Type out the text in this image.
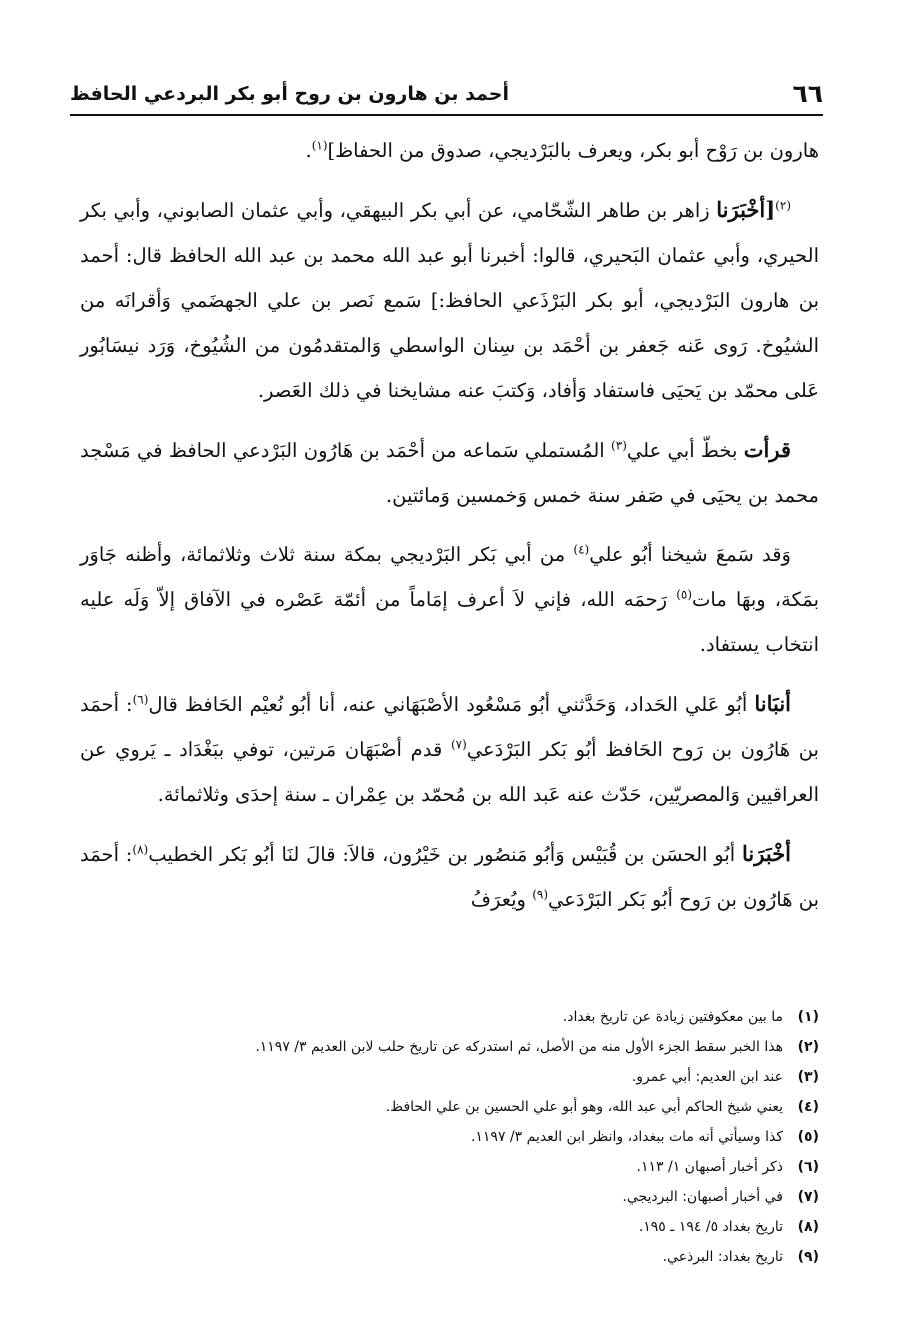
٦٦
أحمد بن هارون بن روح أبو بكر البردعي الحافظ

هارون بن رَوْح أبو بكر، ويعرف بالبَرْديجي، صدوق من الحفاظ]$^{(١)}$.

$^{(٢)}$[أخْبَرَنا زاهر بن طاهر الشّحّامي، عن أبي بكر البيهقي، وأبي عثمان الصابوني، وأبي بكر الحيري، وأبي عثمان البَحيري، قالوا: أخبرنا أبو عبد الله محمد بن عبد الله الحافظ قال: أحمد بن هارون البَرْديجي، أبو بكر البَرْذَعي الحافظ:] سَمع نَصر بن علي الجهضَمي وَأقرانَه من الشيُوخ. رَوى عَنه جَعفر بن أحْمَد بن سِنان الواسطي وَالمتقدمُون من الشُيُوخ، وَرَد نيسَابُور عَلى محمّد بن يَحيَى فاستفاد وَأفاد، وَكتبَ عنه مشايخنا في ذلك العَصر.

قرأت بخطّ أبي علي$^{(٣)}$ المُستملي سَماعه من أحْمَد بن هَارُون البَرْدعي الحافظ في مَسْجد محمد بن يحيَى في صَفر سنة خمس وَخمسين وَمائتين.

وَقد سَمعَ شيخنا أبُو علي$^{(٤)}$ من أبي بَكر البَرْديجي بمكة سنة ثلاث وثلاثمائة، وأظنه جَاوَر بمَكة، وبهَا مات$^{(٥)}$ رَحمَه الله، فإني لاَ أعرف إمَاماً من أئمّة عَصْره في الآفاق إلاّ وَلَه عليه انتخاب يستفاد.

أنبَانا أبُو عَلي الحَداد، وَحَدَّثني أبُو مَسْعُود الأصْبَهَاني عنه، أنا أبُو نُعيْم الحَافظ قال$^{(٦)}$: أحمَد بن هَارُون بن رَوح الحَافظ أبُو بَكر البَرْدَعي$^{(٧)}$ قدم أصْبَهَان مَرتين، توفي ببَغْدَاد ـ يَروي عن العراقيين وَالمصريّين، حَدّث عنه عَبد الله بن مُحمّد بن عِمْران ـ سنة إحدَى وثلاثمائة.

أخْبَرَنا أبُو الحسَن بن قُبَيْس وَأبُو مَنصُور بن خَيْرُون، قالاَ: قالَ لنَا أبُو بَكر الخطيب$^{(٨)}$: أحمَد بن هَارُون بن رَوح أبُو بَكر البَرْدَعي$^{(٩)}$ ويُعرَفُ

(١)
ما بين معكوفتين زيادة عن تاريخ بغداد.
(٢)
هذا الخبر سقط الجزء الأول منه من الأصل، ثم استدركه عن تاريخ حلب لابن العديم ٣/ ١١٩٧.
(٣)
عند ابن العديم: أبي عمرو.
(٤)
يعني شيخ الحاكم أبي عبد الله، وهو أبو علي الحسين بن علي الحافظ.
(٥)
كذا وسيأتي أنه مات ببغداد، وانظر ابن العديم ٣/ ١١٩٧.
(٦)
ذكر أخبار أصبهان ١/ ١١٣.
(٧)
في أخبار أصبهان: البرديجي.
(٨)
تاريخ بغداد ٥/ ١٩٤ ـ ١٩٥.
(٩)
تاريخ بغداد: البرذعي.
